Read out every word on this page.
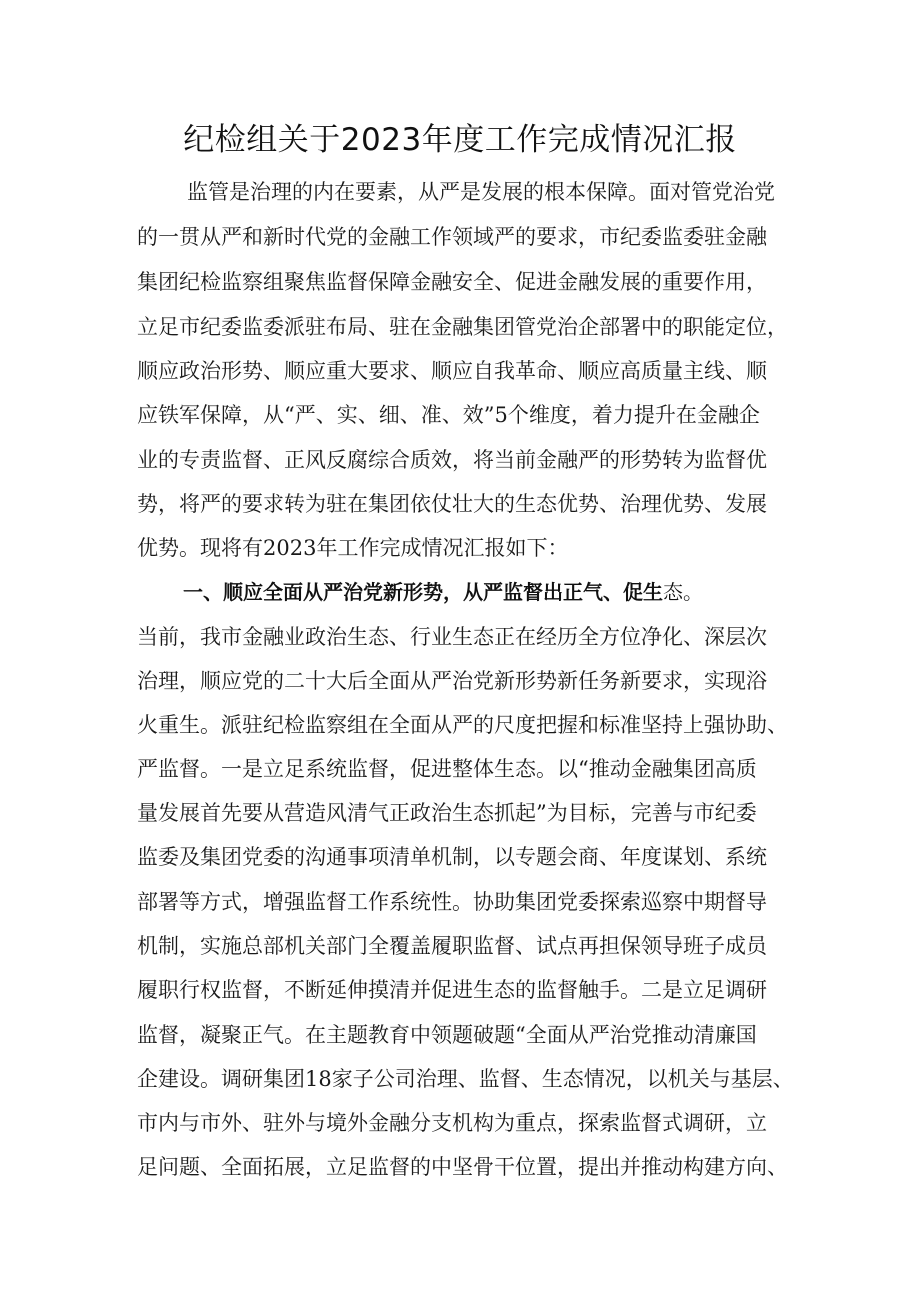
纪检组关于2023年度工作完成情况汇报
监管是治理的内在要素，从严是发展的根本保障。面对管党治党
的一贯从严和新时代党的金融工作领域严的要求，市纪委监委驻金融
集团纪检监察组聚焦监督保障金融安全、促进金融发展的重要作用，
立足市纪委监委派驻布局、驻在金融集团管党治企部署中的职能定位，
顺应政治形势、顺应重大要求、顺应自我革命、顺应高质量主线、顺
应铁军保障，从“严、实、细、准、效”5个维度，着力提升在金融企
业的专责监督、正风反腐综合质效，将当前金融严的形势转为监督优
势，将严的要求转为驻在集团依仗壮大的生态优势、治理优势、发展
优势。现将有2023年工作完成情况汇报如下：
一、顺应全面从严治党新形势，从严监督出正气、促生态。
当前，我市金融业政治生态、行业生态正在经历全方位净化、深层次
治理，顺应党的二十大后全面从严治党新形势新任务新要求，实现浴
火重生。派驻纪检监察组在全面从严的尺度把握和标准坚持上强协助、
严监督。一是立足系统监督，促进整体生态。以“推动金融集团高质
量发展首先要从营造风清气正政治生态抓起”为目标，完善与市纪委
监委及集团党委的沟通事项清单机制，以专题会商、年度谋划、系统
部署等方式，增强监督工作系统性。协助集团党委探索巡察中期督导
机制，实施总部机关部门全覆盖履职监督、试点再担保领导班子成员
履职行权监督，不断延伸摸清并促进生态的监督触手。二是立足调研
监督，凝聚正气。在主题教育中领题破题“全面从严治党推动清廉国
企建设。调研集团18家子公司治理、监督、生态情况，以机关与基层、
市内与市外、驻外与境外金融分支机构为重点，探索监督式调研，立
足问题、全面拓展，立足监督的中坚骨干位置，提出并推动构建方向、
